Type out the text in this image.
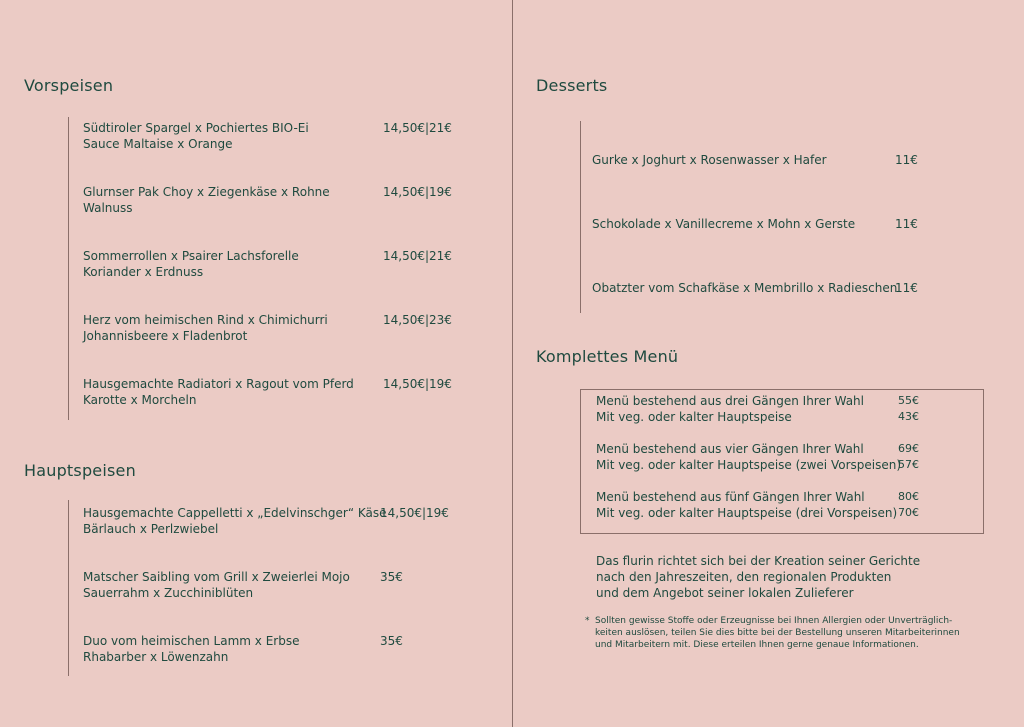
Vorspeisen
Südtiroler Spargel x Pochiertes BIO-Ei
Sauce Maltaise x Orange
14,50€|21€
Glurnser Pak Choy x Ziegenkäse x Rohne
Walnuss
14,50€|19€
Sommerrollen x Psairer Lachsforelle
Koriander x Erdnuss
14,50€|21€
Herz vom heimischen Rind x Chimichurri
Johannisbeere x Fladenbrot
14,50€|23€
Hausgemachte Radiatori x Ragout vom Pferd
Karotte x Morcheln
14,50€|19€
Hauptspeisen
Hausgemachte Cappelletti x „Edelvinschger“ Käse
Bärlauch x Perlzwiebel
14,50€|19€
Matscher Saibling vom Grill x Zweierlei Mojo
Sauerrahm x Zucchiniblüten
35€
Duo vom heimischen Lamm x Erbse
Rhabarber x Löwenzahn
35€
Desserts
Gurke x Joghurt x Rosenwasser x Hafer	11€
Schokolade x Vanillecreme x Mohn x Gerste	11€
Obatzter vom Schafkäse x Membrillo x Radieschen
11€
Komplettes Menü
Menü bestehend aus drei Gängen Ihrer Wahl	55€
Mit veg. oder kalter Hauptspeise	43€
Menü bestehend aus vier Gängen Ihrer Wahl	69€
Mit veg. oder kalter Hauptspeise (zwei Vorspeisen)
57€
Menü bestehend aus fünf Gängen Ihrer Wahl	80€
Mit veg. oder kalter Hauptspeise (drei Vorspeisen) 70€
Das flurin richtet sich bei der Kreation seiner Gerichte
nach den Jahreszeiten, den regionalen Produkten
und dem Angebot seiner lokalen Zulieferer
* Sollten gewisse Stoffe oder Erzeugnisse bei Ihnen Allergien oder Unverträglich-
keiten auslösen, teilen Sie dies bitte bei der Bestellung unseren Mitarbeiterinnen
und Mitarbeitern mit. Diese erteilen Ihnen gerne genaue Informationen.
